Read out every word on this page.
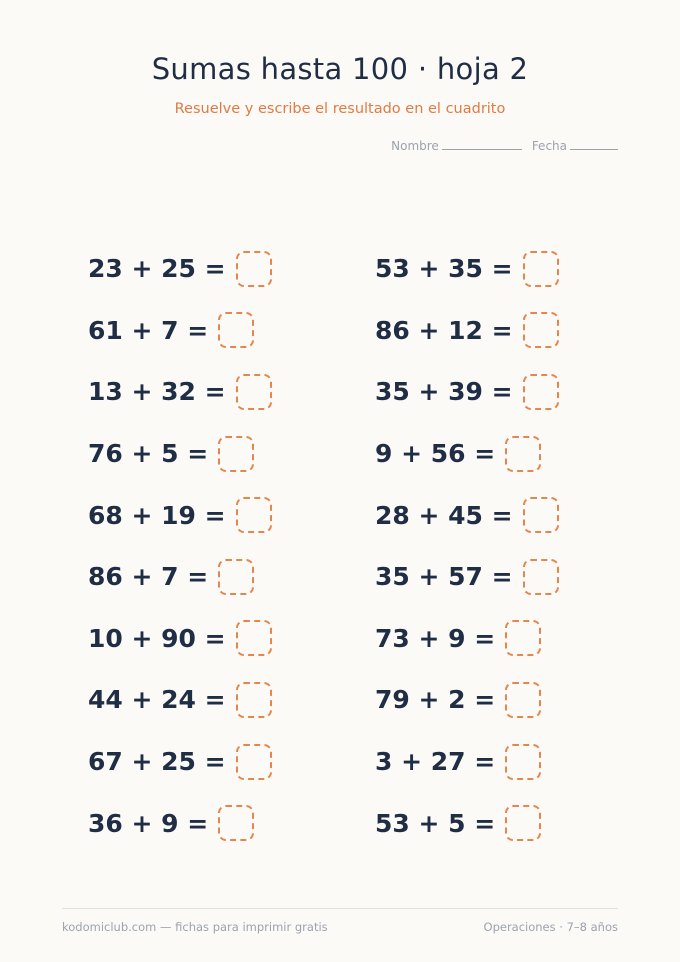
Sumas hasta 100 · hoja 2
Resuelve y escribe el resultado en el cuadrito
Nombre	Fecha
23 + 25
=
61 + 7
=
13 + 32
=
76 + 5
=
68 + 19
=
86 + 7
=
10 + 90
=
44 + 24
=
67 + 25
=
36 + 9
=
53 + 35
=
86 + 12
=
35 + 39
=
9 + 56
=
28 + 45
=
35 + 57
=
73 + 9
=
79 + 2
=
3 + 27
=
53 + 5
=
kodomiclub.com — fichas para imprimir gratis	Operaciones · 7–8 años
